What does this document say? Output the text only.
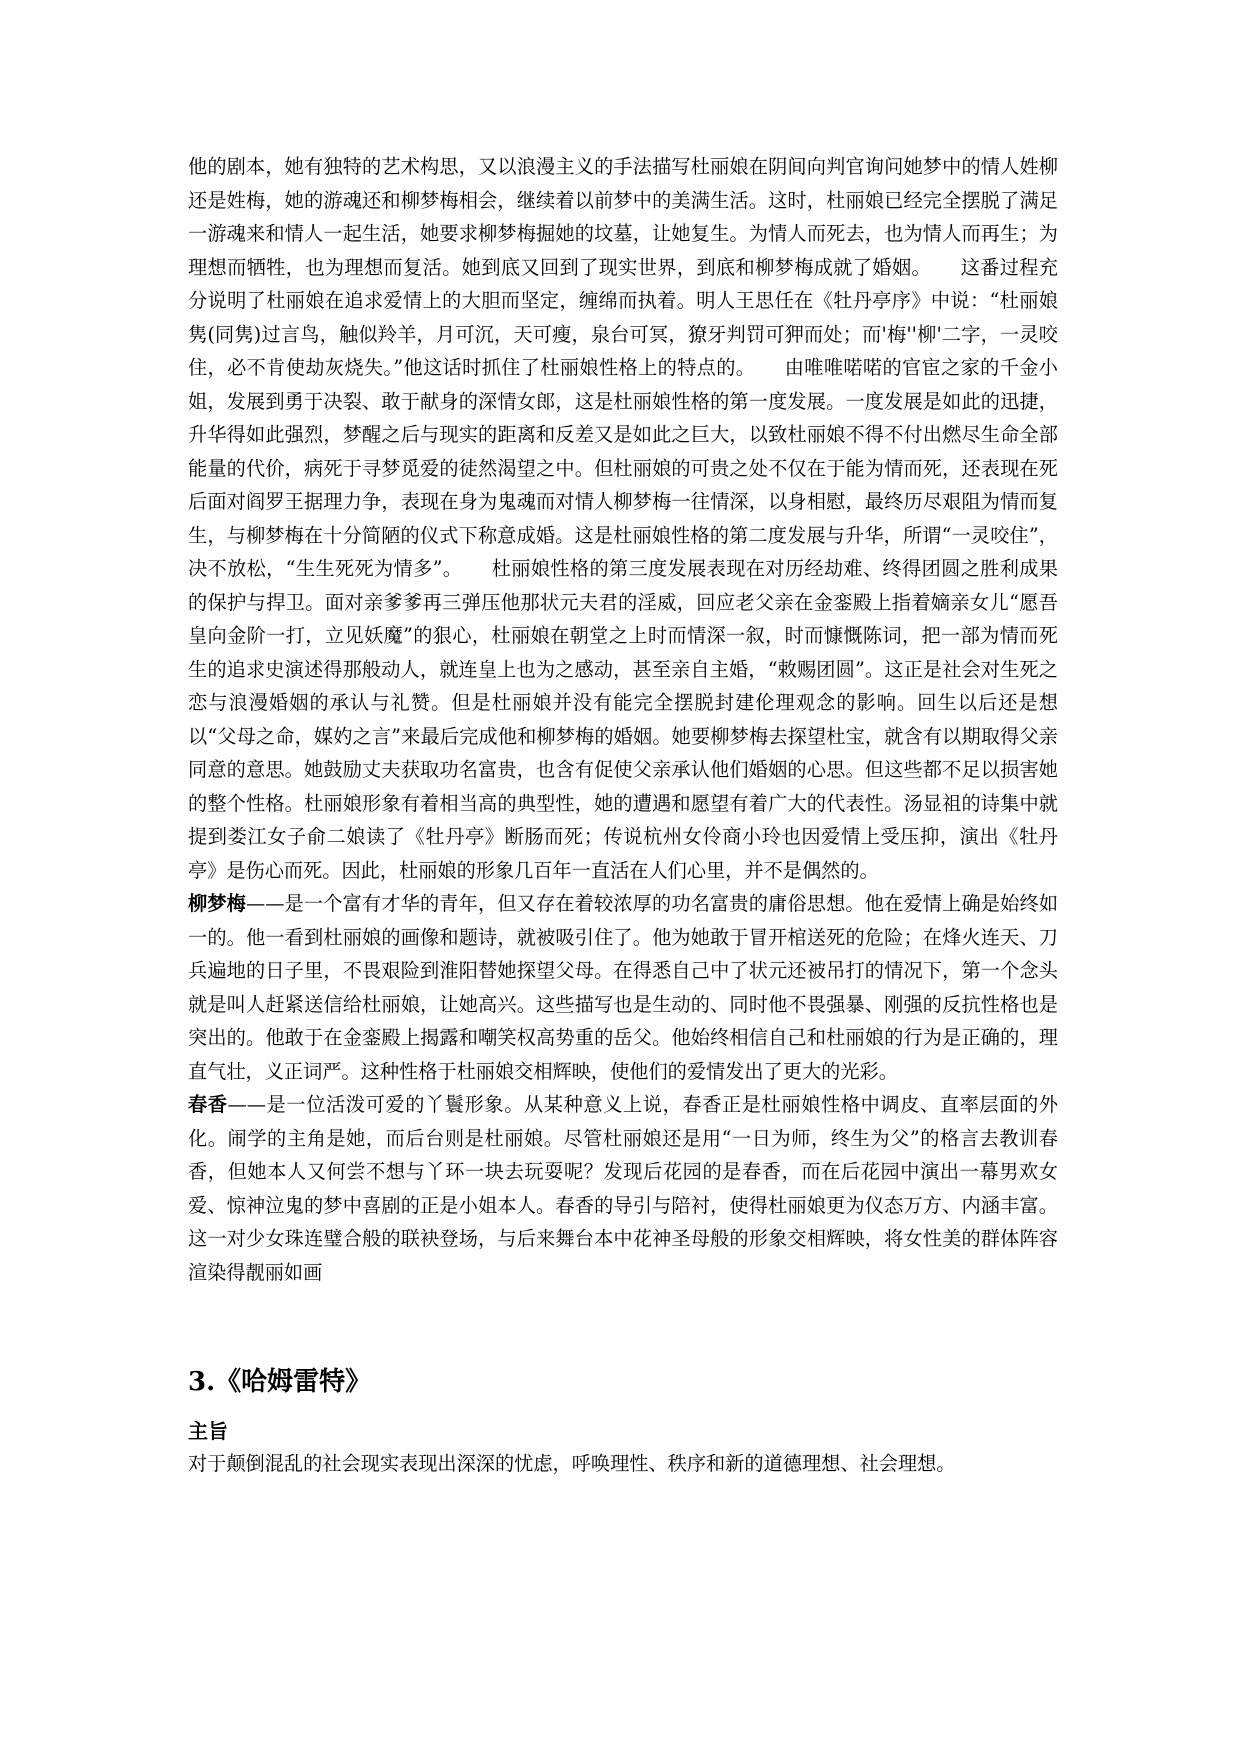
他的剧本，她有独特的艺术构思，又以浪漫主义的手法描写杜丽娘在阴间向判官询问她梦中的情人姓柳还是姓梅，她的游魂还和柳梦梅相会，继续着以前梦中的美满生活。这时，杜丽娘已经完全摆脱了满足一游魂来和情人一起生活，她要求柳梦梅掘她的坟墓，让她复生。为情人而死去，也为情人而再生；为理想而牺牲，也为理想而复活。她到底又回到了现实世界，到底和柳梦梅成就了婚姻。　　这番过程充分说明了杜丽娘在追求爱情上的大胆而坚定，缠绵而执着。明人王思任在《牡丹亭序》中说：“杜丽娘隽(同隽)过言鸟，触似羚羊，月可沉，天可瘦，泉台可冥，獠牙判罚可狎而处；而'梅''柳'二字，一灵咬住，必不肯使劫灰烧失。”他这话时抓住了杜丽娘性格上的特点的。　　由唯唯喏喏的官宦之家的千金小姐，发展到勇于决裂、敢于献身的深情女郎，这是杜丽娘性格的第一度发展。一度发展是如此的迅捷，升华得如此强烈，梦醒之后与现实的距离和反差又是如此之巨大，以致杜丽娘不得不付出燃尽生命全部能量的代价，病死于寻梦觅爱的徒然渴望之中。但杜丽娘的可贵之处不仅在于能为情而死，还表现在死后面对阎罗王据理力争，表现在身为鬼魂而对情人柳梦梅一往情深，以身相慰，最终历尽艰阻为情而复生，与柳梦梅在十分简陋的仪式下称意成婚。这是杜丽娘性格的第二度发展与升华，所谓“一灵咬住”，决不放松，“生生死死为情多”。　　杜丽娘性格的第三度发展表现在对历经劫难、终得团圆之胜利成果的保护与捍卫。面对亲爹爹再三弹压他那状元夫君的淫威，回应老父亲在金銮殿上指着嫡亲女儿“愿吾皇向金阶一打，立见妖魔”的狠心，杜丽娘在朝堂之上时而情深一叙，时而慷慨陈词，把一部为情而死生的追求史演述得那般动人，就连皇上也为之感动，甚至亲自主婚，“敕赐团圆”。这正是社会对生死之恋与浪漫婚姻的承认与礼赞。但是杜丽娘并没有能完全摆脱封建伦理观念的影响。回生以后还是想以“父母之命，媒妁之言”来最后完成他和柳梦梅的婚姻。她要柳梦梅去探望杜宝，就含有以期取得父亲同意的意思。她鼓励丈夫获取功名富贵，也含有促使父亲承认他们婚姻的心思。但这些都不足以损害她的整个性格。杜丽娘形象有着相当高的典型性，她的遭遇和愿望有着广大的代表性。汤显祖的诗集中就提到娄江女子俞二娘读了《牡丹亭》断肠而死；传说杭州女伶商小玲也因爱情上受压抑，演出《牡丹亭》是伤心而死。因此，杜丽娘的形象几百年一直活在人们心里，并不是偶然的。

柳梦梅——是一个富有才华的青年，但又存在着较浓厚的功名富贵的庸俗思想。他在爱情上确是始终如一的。他一看到杜丽娘的画像和题诗，就被吸引住了。他为她敢于冒开棺送死的危险；在烽火连天、刀兵遍地的日子里，不畏艰险到淮阳替她探望父母。在得悉自己中了状元还被吊打的情况下，第一个念头就是叫人赶紧送信给杜丽娘，让她高兴。这些描写也是生动的、同时他不畏强暴、刚强的反抗性格也是突出的。他敢于在金銮殿上揭露和嘲笑权高势重的岳父。他始终相信自己和杜丽娘的行为是正确的，理直气壮，义正词严。这种性格于杜丽娘交相辉映，使他们的爱情发出了更大的光彩。

春香——是一位活泼可爱的丫鬟形象。从某种意义上说，春香正是杜丽娘性格中调皮、直率层面的外化。闹学的主角是她，而后台则是杜丽娘。尽管杜丽娘还是用“一日为师，终生为父”的格言去教训春香，但她本人又何尝不想与丫环一块去玩耍呢？发现后花园的是春香，而在后花园中演出一幕男欢女爱、惊神泣鬼的梦中喜剧的正是小姐本人。春香的导引与陪衬，使得杜丽娘更为仪态万方、内涵丰富。这一对少女珠连璧合般的联袂登场，与后来舞台本中花神圣母般的形象交相辉映，将女性美的群体阵容渲染得靓丽如画

3.《哈姆雷特》
主旨

对于颠倒混乱的社会现实表现出深深的忧虑，呼唤理性、秩序和新的道德理想、社会理想。
